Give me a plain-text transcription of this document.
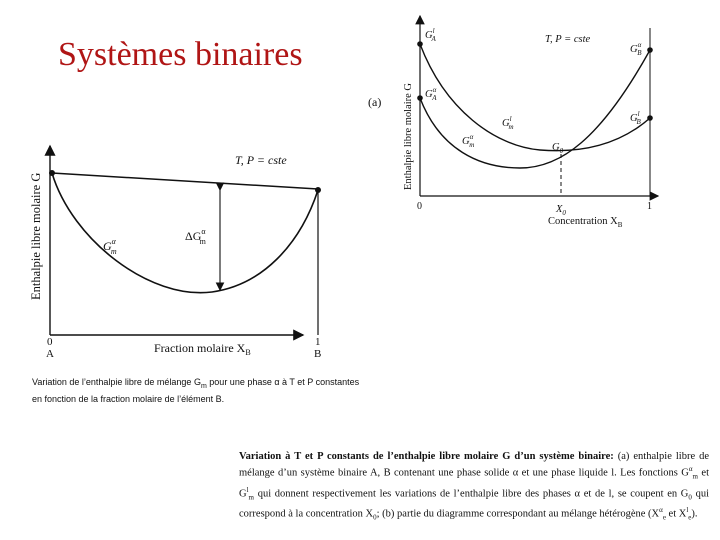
Systèmes binaires
Enthalpie libre molaire G	$\Delta G^\alpha$ m
T, P = cste
$G^\alpha$ m
Fraction molaire $X_B$
0
A
1
B
(a) Enthalpie libre molaire G
T, P = cste
$G^l$ A
$G^\alpha$ A
$G^\alpha$ B
$G^l$ B
$G^l$ m
$G^\alpha$ m	$G_0$
0	$X_0$
1
Concentration $X_B$
Variation de l’enthalpie libre de mélange $G_m$ pour une phase α à T et P constantes en fonction de la fraction molaire de l’élément B.
Variation à T et P constants de l’enthalpie libre molaire G d’un système binaire: (a) enthalpie libre de mélange d’un système binaire A, B contenant une phase solide α et une phase liquide l. Les fonctions $G^\alpha_m$ et $G^l_m$ qui donnent respectivement les variations de l’enthalpie libre des phases α et de l, se coupent en $G_0$ qui correspond à la concentration $X_0$; (b) partie du diagramme correspondant au mélange hétérogène ($X^\alpha_e$ et $X^l_e$).
